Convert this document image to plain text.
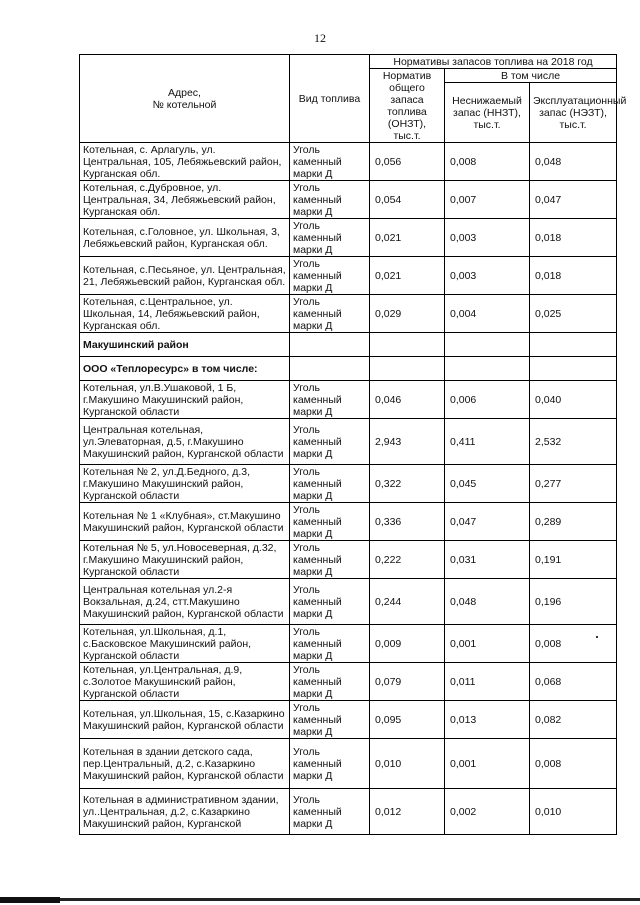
12
Адрес,
№ котельной	Вид топлива	Нормативы запасов топлива на 2018 год		
		Норматив общего запаса топлива (ОНЗТ), тыс.т.	В том числе	
			Неснижаемый запас (ННЗТ), тыс.т.	Эксплуатационный запас (НЭЗТ), тыс.т.
Котельная, с. Арлагуль, ул. Центральная, 105, Лебяжьевский район, Курганская обл.	Уголь каменный марки Д	0,056	0,008	0,048
Котельная, с.Дубровное, ул. Центральная, 34, Лебяжьевский район, Курганская обл.	Уголь каменный марки Д	0,054	0,007	0,047
Котельная, с.Головное, ул. Школьная, 3, Лебяжьевский район, Курганская обл.	Уголь каменный марки Д	0,021	0,003	0,018
Котельная, с.Песьяное, ул. Центральная, 21, Лебяжьевский район, Курганская обл.	Уголь каменный марки Д	0,021	0,003	0,018
Котельная, с.Центральное, ул. Школьная, 14, Лебяжьевский район, Курганская обл.	Уголь каменный марки Д	0,029	0,004	0,025
Макушинский район				
ООО «Теплоресурс» в том числе:				
Котельная, ул.В.Ушаковой, 1 Б, г.Макушино Макушинский район, Курганской области	Уголь каменный марки Д	0,046	0,006	0,040
Центральная котельная, ул.Элеваторная, д.5, г.Макушино Макушинский район, Курганской области	Уголь каменный марки Д	2,943	0,411	2,532
Котельная № 2, ул.Д.Бедного, д.3, г.Макушино Макушинский район, Курганской области	Уголь каменный марки Д	0,322	0,045	0,277
Котельная № 1 «Клубная», ст.Макушино Макушинский район, Курганской области	Уголь каменный марки Д	0,336	0,047	0,289
Котельная № 5, ул.Новосеверная, д.32, г.Макушино Макушинский район, Курганской области	Уголь каменный марки Д	0,222	0,031	0,191
Центральная котельная ул.2-я Вокзальная, д.24, стт.Макушино Макушинский район, Курганской области	Уголь каменный марки Д	0,244	0,048	0,196
Котельная, ул.Школьная, д.1, с.Басковское Макушинский район, Курганской области	Уголь каменный марки Д	0,009	0,001	0,008
Котельная, ул.Центральная, д.9, с.Золотое Макушинский район, Курганской области	Уголь каменный марки Д	0,079	0,011	0,068
Котельная, ул.Школьная, 15, с.Казаркино Макушинский район, Курганской области	Уголь каменный марки Д	0,095	0,013	0,082
Котельная в здании детского сада, пер.Центральный, д.2, с.Казаркино Макушинский район, Курганской области	Уголь каменный марки Д	0,010	0,001	0,008
Котельная в административном здании, ул..Центральная, д.2, с.Казаркино Макушинский район, Курганской	Уголь каменный марки Д	0,012	0,002	0,010
